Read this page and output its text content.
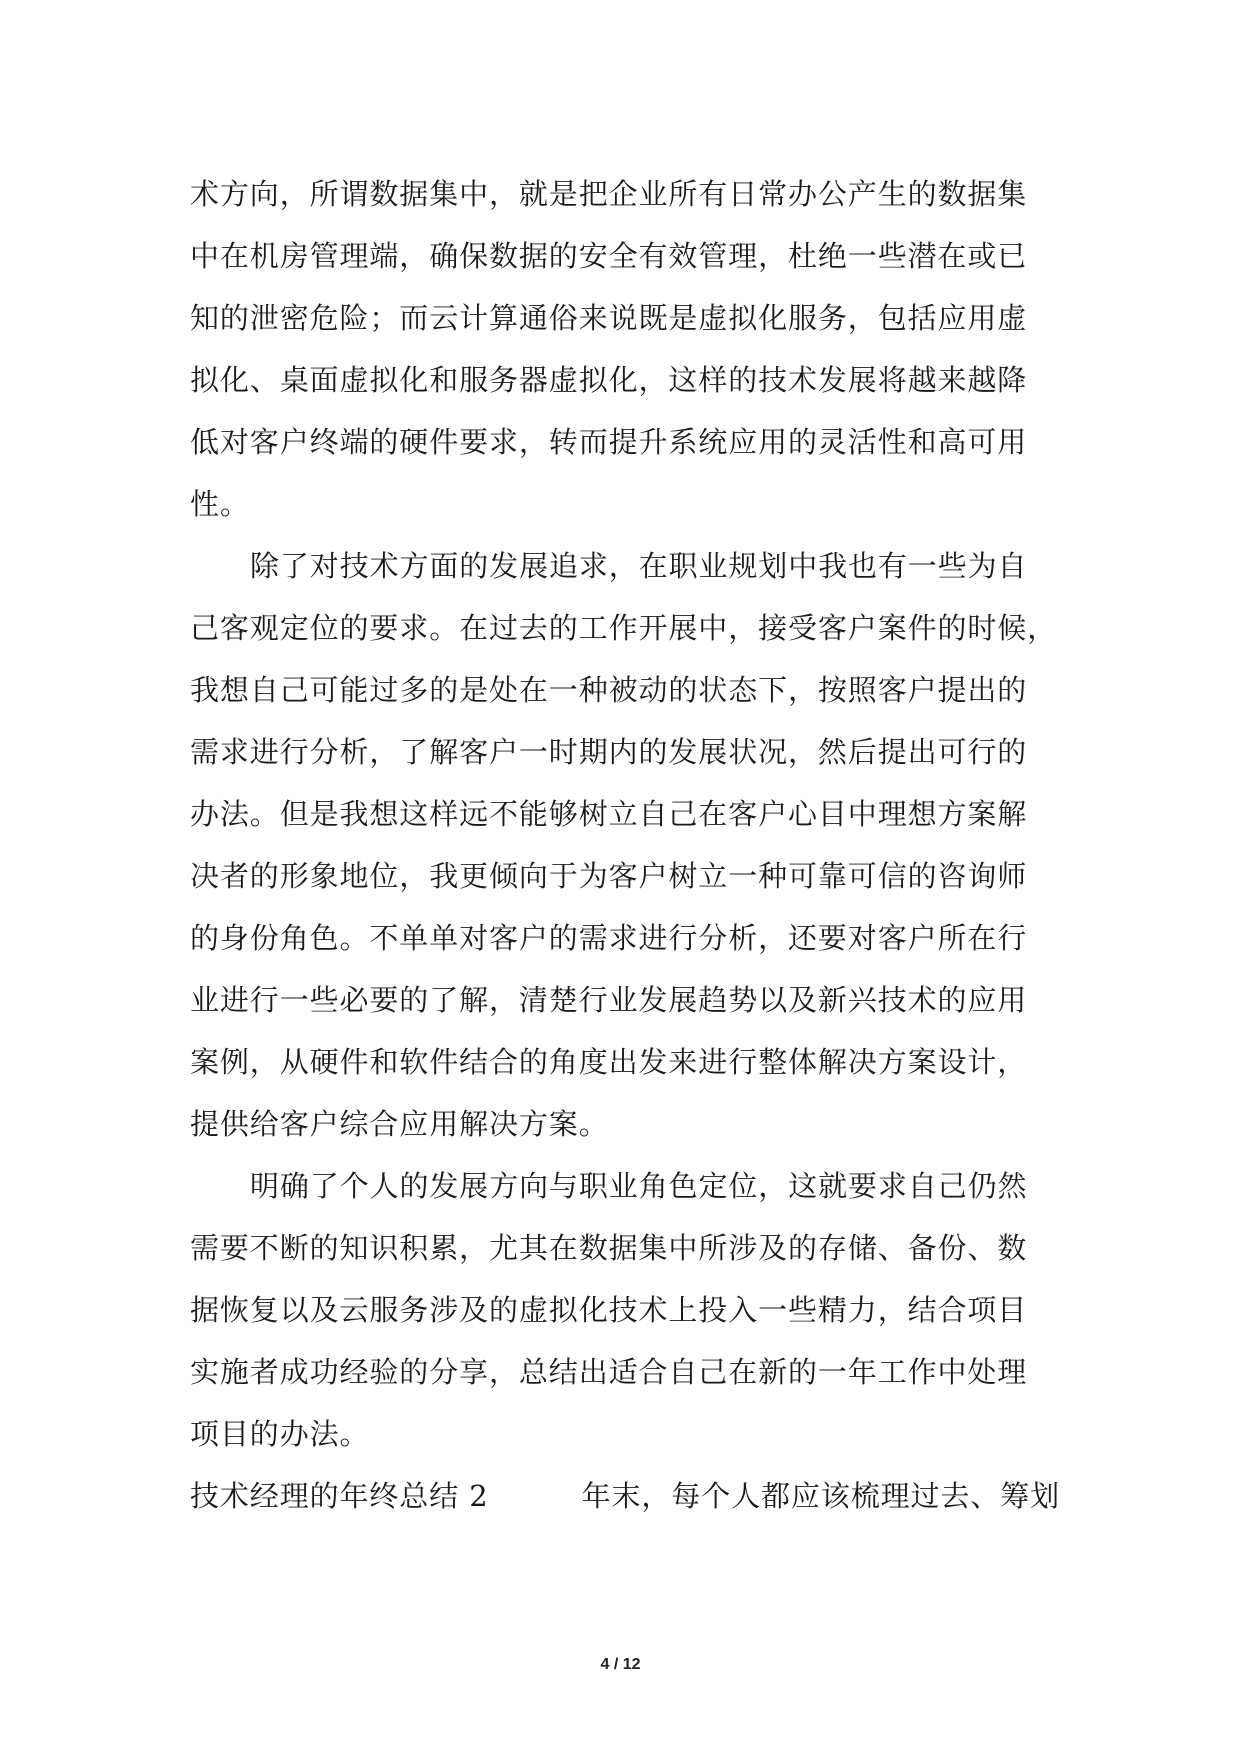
术方向，所谓数据集中，就是把企业所有日常办公产生的数据集
中在机房管理端，确保数据的安全有效管理，杜绝一些潜在或已
知的泄密危险；而云计算通俗来说既是虚拟化服务，包括应用虚
拟化、桌面虚拟化和服务器虚拟化，这样的技术发展将越来越降
低对客户终端的硬件要求，转而提升系统应用的灵活性和高可用
性。
除了对技术方面的发展追求，在职业规划中我也有一些为自
己客观定位的要求。在过去的工作开展中，接受客户案件的时候，
我想自己可能过多的是处在一种被动的状态下，按照客户提出的
需求进行分析，了解客户一时期内的发展状况，然后提出可行的
办法。但是我想这样远不能够树立自己在客户心目中理想方案解
决者的形象地位，我更倾向于为客户树立一种可靠可信的咨询师
的身份角色。不单单对客户的需求进行分析，还要对客户所在行
业进行一些必要的了解，清楚行业发展趋势以及新兴技术的应用
案例，从硬件和软件结合的角度出发来进行整体解决方案设计，
提供给客户综合应用解决方案。
明确了个人的发展方向与职业角色定位，这就要求自己仍然
需要不断的知识积累，尤其在数据集中所涉及的存储、备份、数
据恢复以及云服务涉及的虚拟化技术上投入一些精力，结合项目
实施者成功经验的分享，总结出适合自己在新的一年工作中处理
项目的办法。
技术经理的年终总结 2	年末，每个人都应该梳理过去、筹划
4 / 12
